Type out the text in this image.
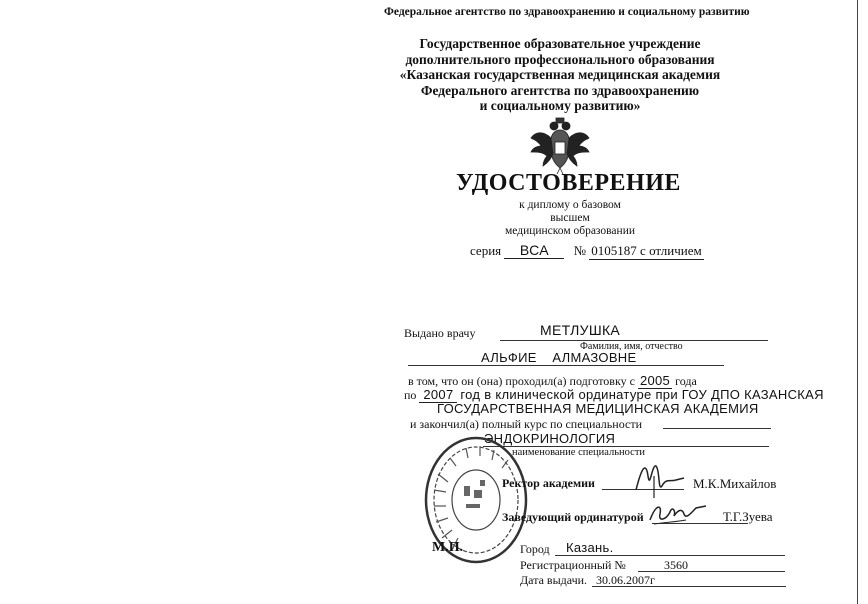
Федеральное агентство по здравоохранению и социальному развитию
Государственное образовательное учреждение
дополнительного профессионального образования
«Казанская государственная медицинская академия
Федерального агентства по здравоохранению
и социальному развитию»
УДОСТОВЕРЕНИЕ
к диплому о базовом высшем
медицинском образовании
серия ВСА № 0105187 с отличием
Выдано врачу	МЕТЛУШКА
Фамилия, имя, отчество
АЛЬФИЕ    АЛМАЗОВНЕ
в том, что он (она) проходил(а) подготовку с 2005 года
по 2007 год в клинической ординатуре при ГОУ ДПО КАЗАНСКАЯ
ГОСУДАРСТВЕННАЯ МЕДИЦИНСКАЯ АКАДЕМИЯ
и закончил(а) полный курс по специальности
ЭНДОКРИНОЛОГИЯ
наименование специальности
Ректор академии	М.К.Михайлов
Заведующий ординатурой	Т.Г.Зуева
М.П.	Город Казань.
Регистрационный №	3560
Дата выдачи. 30.06.2007г
